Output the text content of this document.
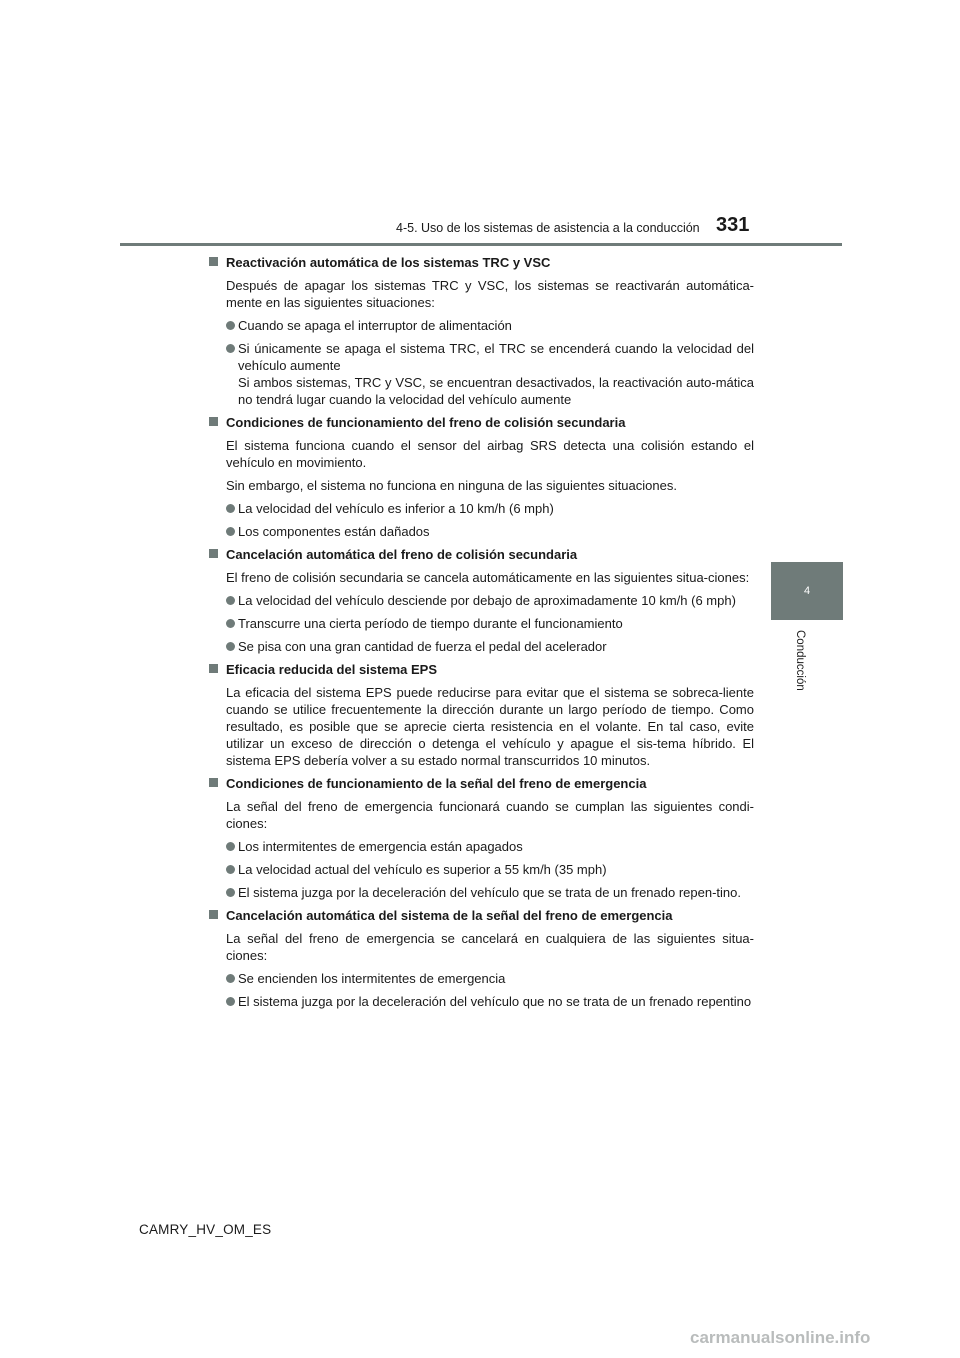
4-5. Uso de los sistemas de asistencia a la conducción 331
4
Conducción
Reactivación automática de los sistemas TRC y VSC
Después de apagar los sistemas TRC y VSC, los sistemas se reactivarán automática-mente en las siguientes situaciones:
Cuando se apaga el interruptor de alimentación
Si únicamente se apaga el sistema TRC, el TRC se encenderá cuando la velocidad del vehículo aumente
Si ambos sistemas, TRC y VSC, se encuentran desactivados, la reactivación auto-mática no tendrá lugar cuando la velocidad del vehículo aumente
Condiciones de funcionamiento del freno de colisión secundaria
El sistema funciona cuando el sensor del airbag SRS detecta una colisión estando el vehículo en movimiento.
Sin embargo, el sistema no funciona en ninguna de las siguientes situaciones.
La velocidad del vehículo es inferior a 10 km/h (6 mph)
Los componentes están dañados
Cancelación automática del freno de colisión secundaria
El freno de colisión secundaria se cancela automáticamente en las siguientes situa-ciones:
La velocidad del vehículo desciende por debajo de aproximadamente 10 km/h (6 mph)
Transcurre una cierta período de tiempo durante el funcionamiento
Se pisa con una gran cantidad de fuerza el pedal del acelerador
Eficacia reducida del sistema EPS
La eficacia del sistema EPS puede reducirse para evitar que el sistema se sobreca-liente cuando se utilice frecuentemente la dirección durante un largo período de tiempo. Como resultado, es posible que se aprecie cierta resistencia en el volante. En tal caso, evite utilizar un exceso de dirección o detenga el vehículo y apague el sis-tema híbrido. El sistema EPS debería volver a su estado normal transcurridos 10 minutos.
Condiciones de funcionamiento de la señal del freno de emergencia
La señal del freno de emergencia funcionará cuando se cumplan las siguientes condi-ciones:
Los intermitentes de emergencia están apagados
La velocidad actual del vehículo es superior a 55 km/h (35 mph)
El sistema juzga por la deceleración del vehículo que se trata de un frenado repen-tino.
Cancelación automática del sistema de la señal del freno de emergencia
La señal del freno de emergencia se cancelará en cualquiera de las siguientes situa-ciones:
Se encienden los intermitentes de emergencia
El sistema juzga por la deceleración del vehículo que no se trata de un frenado repentino
CAMRY_HV_OM_ES
carmanualsonline.info
